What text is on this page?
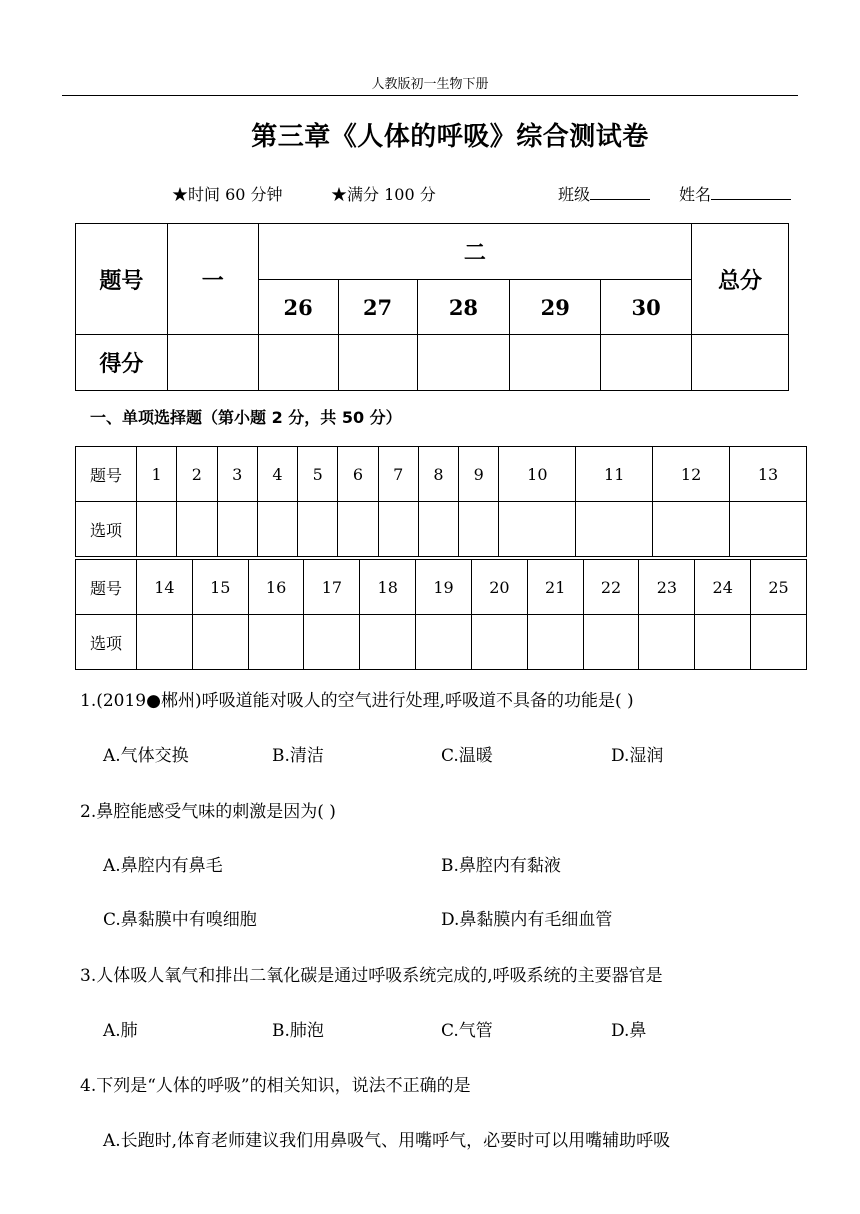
人教版初一生物下册
第三章《人体的呼吸》综合测试卷
★时间 60 分钟	★满分 100 分	班级	姓名
题号	一	二					总分
		26	27	28	29	30	
得分							
一、单项选择题（第小题 2 分，共 50 分）
题号	1	2	3	4	5	6	7	8	9	10	11	12	13
选项													
题号	14	15	16	17	18	19	20	21	22	23	24	25
选项												
1.(2019●郴州)呼吸道能对吸人的空气进行处理,呼吸道不具备的功能是( )
A.气体交换	B.清洁	C.温暖	D.湿润
2.鼻腔能感受气味的刺激是因为( )
A.鼻腔内有鼻毛	B.鼻腔内有黏液
C.鼻黏膜中有嗅细胞	D.鼻黏膜内有毛细血管
3.人体吸人氧气和排出二氧化碳是通过呼吸系统完成的,呼吸系统的主要器官是
A.肺	B.肺泡	C.气管	D.鼻
4.下列是“人体的呼吸”的相关知识，说法不正确的是
A.长跑时,体育老师建议我们用鼻吸气、用嘴呼气，必要时可以用嘴辅助呼吸
